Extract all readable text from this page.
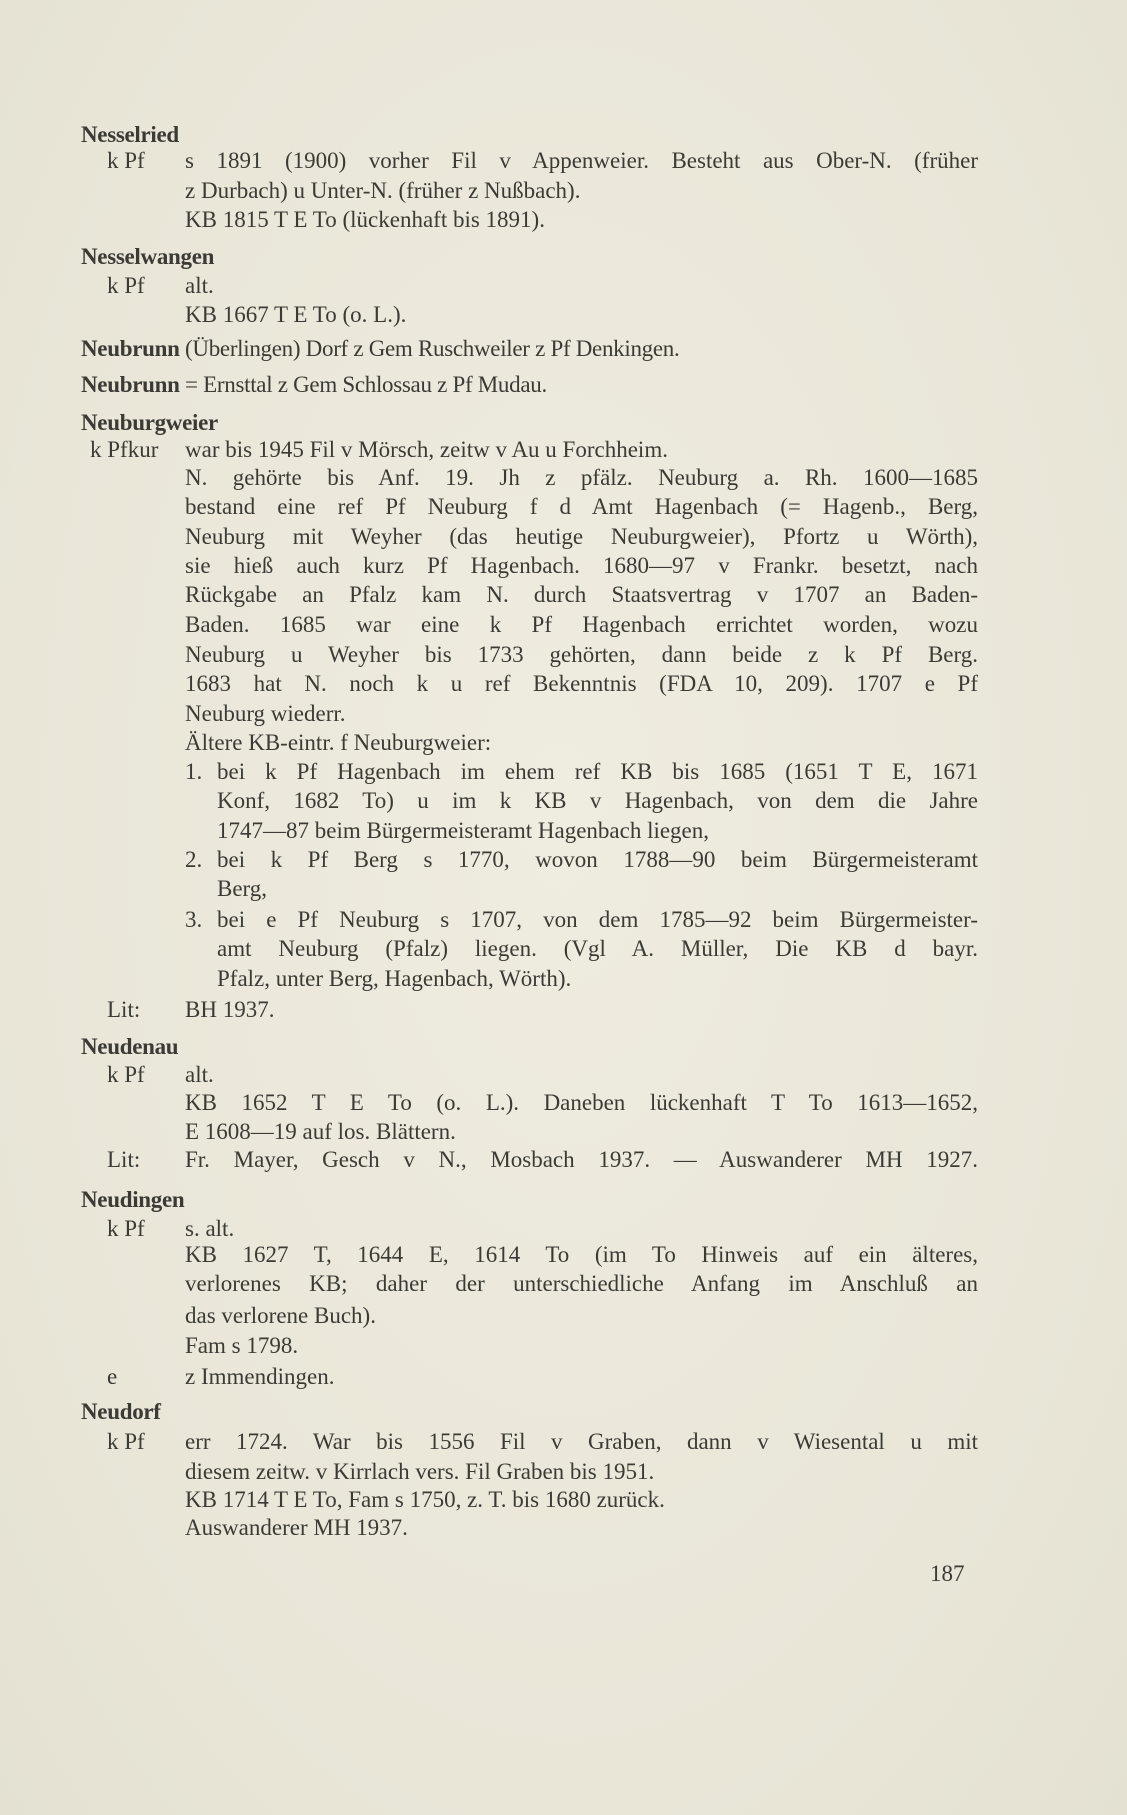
Nesselried
k Pf s 1891 (1900) vorher Fil v Appenweier. Besteht aus Ober-N. (früher
z Durbach) u Unter-N. (früher z Nußbach).
KB 1815 T E To (lückenhaft bis 1891).
Nesselwangen
k Pf alt.
KB 1667 T E To (o. L.).
Neubrunn (Überlingen) Dorf z Gem Ruschweiler z Pf Denkingen.
Neubrunn = Ernsttal z Gem Schlossau z Pf Mudau.
Neuburgweier
k Pfkur war bis 1945 Fil v Mörsch, zeitw v Au u Forchheim.
N. gehörte bis Anf. 19. Jh z pfälz. Neuburg a. Rh. 1600—1685
bestand eine ref Pf Neuburg f d Amt Hagenbach (= Hagenb., Berg,
Neuburg mit Weyher (das heutige Neuburgweier), Pfortz u Wörth),
sie hieß auch kurz Pf Hagenbach. 1680—97 v Frankr. besetzt, nach
Rückgabe an Pfalz kam N. durch Staatsvertrag v 1707 an Baden-
Baden. 1685 war eine k Pf Hagenbach errichtet worden, wozu
Neuburg u Weyher bis 1733 gehörten, dann beide z k Pf Berg.
1683 hat N. noch k u ref Bekenntnis (FDA 10, 209). 1707 e Pf
Neuburg wiederr.
Ältere KB-eintr. f Neuburgweier:
1. bei k Pf Hagenbach im ehem ref KB bis 1685 (1651 T E, 1671
Konf, 1682 To) u im k KB v Hagenbach, von dem die Jahre
1747—87 beim Bürgermeisteramt Hagenbach liegen,
2. bei k Pf Berg s 1770, wovon 1788—90 beim Bürgermeisteramt
Berg,
3. bei e Pf Neuburg s 1707, von dem 1785—92 beim Bürgermeister-
amt Neuburg (Pfalz) liegen. (Vgl A. Müller, Die KB d bayr.
Pfalz, unter Berg, Hagenbach, Wörth).
Lit: BH 1937.
Neudenau
k Pf alt.
KB 1652 T E To (o. L.). Daneben lückenhaft T To 1613—1652,
E 1608—19 auf los. Blättern.
Lit: Fr. Mayer, Gesch v N., Mosbach 1937. — Auswanderer MH 1927.
Neudingen
k Pf s. alt.
KB 1627 T, 1644 E, 1614 To (im To Hinweis auf ein älteres,
verlorenes KB; daher der unterschiedliche Anfang im Anschluß an
das verlorene Buch).
Fam s 1798.
e	z Immendingen.
Neudorf
k Pf err 1724. War bis 1556 Fil v Graben, dann v Wiesental u mit
diesem zeitw. v Kirrlach vers. Fil Graben bis 1951.
KB 1714 T E To, Fam s 1750, z. T. bis 1680 zurück.
Auswanderer MH 1937.
187
